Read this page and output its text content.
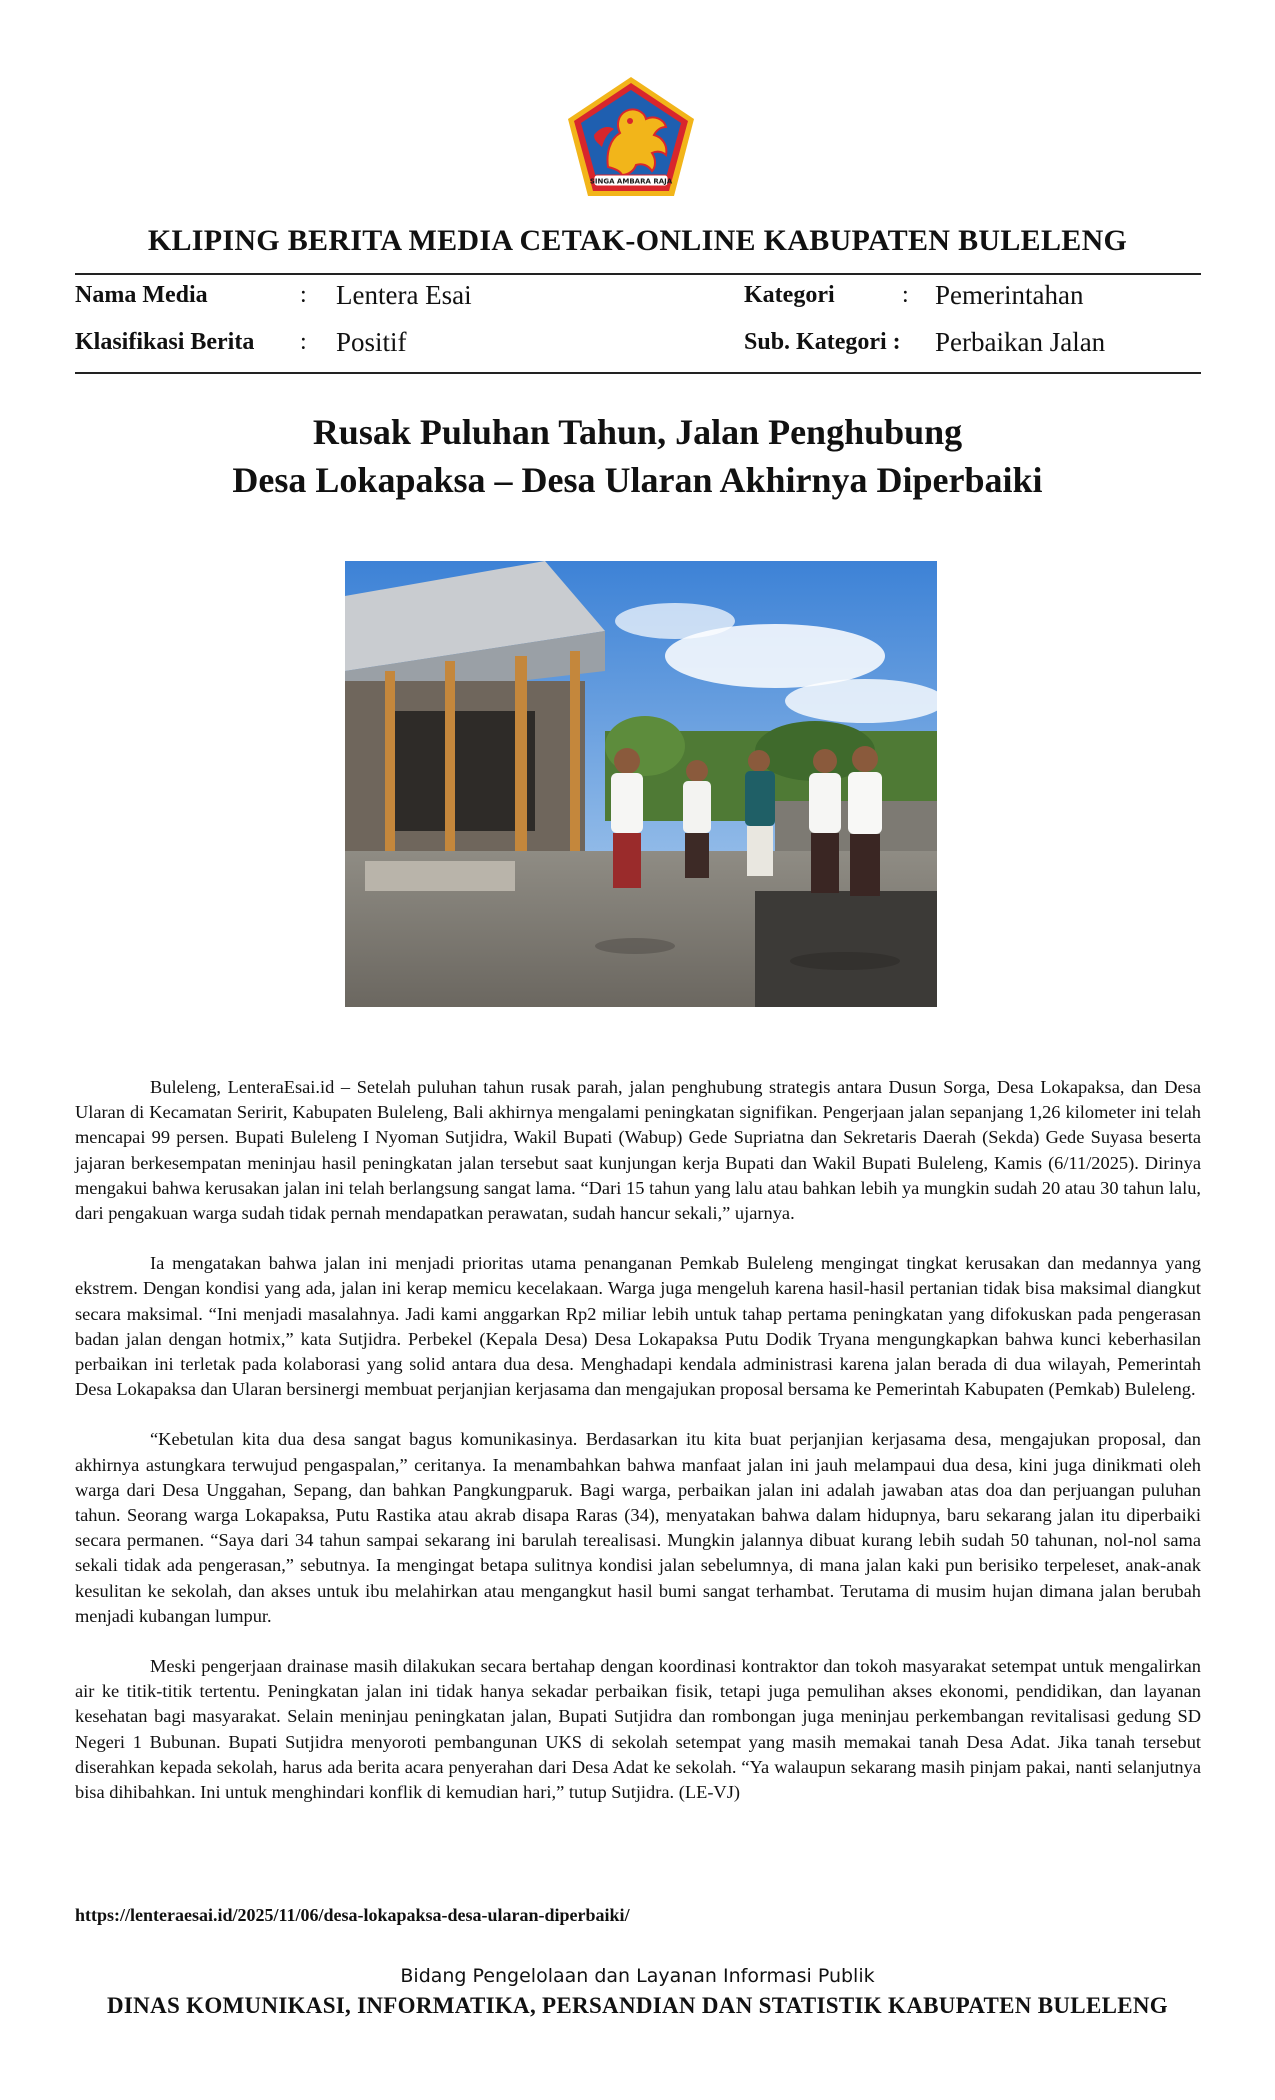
SINGA AMBARA RAJA
KLIPING BERITA MEDIA CETAK-ONLINE KABUPATEN BULELENG
Nama Media	: Lentera Esai	Kategori	: Pemerintahan
Klasifikasi Berita : Positif	Sub. Kategori : Perbaikan Jalan
Rusak Puluhan Tahun, Jalan Penghubung
Desa Lokapaksa – Desa Ularan Akhirnya Diperbaiki

Buleleng, LenteraEsai.id – Setelah puluhan tahun rusak parah, jalan penghubung strategis antara Dusun Sorga, Desa Lokapaksa, dan Desa Ularan di Kecamatan Seririt, Kabupaten Buleleng, Bali akhirnya mengalami peningkatan signifikan. Pengerjaan jalan sepanjang 1,26 kilometer ini telah mencapai 99 persen. Bupati Buleleng I Nyoman Sutjidra, Wakil Bupati (Wabup) Gede Supriatna dan Sekretaris Daerah (Sekda) Gede Suyasa beserta jajaran berkesempatan meninjau hasil peningkatan jalan tersebut saat kunjungan kerja Bupati dan Wakil Bupati Buleleng, Kamis (6/11/2025). Dirinya mengakui bahwa kerusakan jalan ini telah berlangsung sangat lama. “Dari 15 tahun yang lalu atau bahkan lebih ya mungkin sudah 20 atau 30 tahun lalu, dari pengakuan warga sudah tidak pernah mendapatkan perawatan, sudah hancur sekali,” ujarnya.

Ia mengatakan bahwa jalan ini menjadi prioritas utama penanganan Pemkab Buleleng mengingat tingkat kerusakan dan medannya yang ekstrem. Dengan kondisi yang ada, jalan ini kerap memicu kecelakaan. Warga juga mengeluh karena hasil-hasil pertanian tidak bisa maksimal diangkut secara maksimal. “Ini menjadi masalahnya. Jadi kami anggarkan Rp2 miliar lebih untuk tahap pertama peningkatan yang difokuskan pada pengerasan badan jalan dengan hotmix,” kata Sutjidra. Perbekel (Kepala Desa) Desa Lokapaksa Putu Dodik Tryana mengungkapkan bahwa kunci keberhasilan perbaikan ini terletak pada kolaborasi yang solid antara dua desa. Menghadapi kendala administrasi karena jalan berada di dua wilayah, Pemerintah Desa Lokapaksa dan Ularan bersinergi membuat perjanjian kerjasama dan mengajukan proposal bersama ke Pemerintah Kabupaten (Pemkab) Buleleng.

“Kebetulan kita dua desa sangat bagus komunikasinya. Berdasarkan itu kita buat perjanjian kerjasama desa, mengajukan proposal, dan akhirnya astungkara terwujud pengaspalan,” ceritanya. Ia menambahkan bahwa manfaat jalan ini jauh melampaui dua desa, kini juga dinikmati oleh warga dari Desa Unggahan, Sepang, dan bahkan Pangkungparuk. Bagi warga, perbaikan jalan ini adalah jawaban atas doa dan perjuangan puluhan tahun. Seorang warga Lokapaksa, Putu Rastika atau akrab disapa Raras (34), menyatakan bahwa dalam hidupnya, baru sekarang jalan itu diperbaiki secara permanen. “Saya dari 34 tahun sampai sekarang ini barulah terealisasi. Mungkin jalannya dibuat kurang lebih sudah 50 tahunan, nol-nol sama sekali tidak ada pengerasan,” sebutnya. Ia mengingat betapa sulitnya kondisi jalan sebelumnya, di mana jalan kaki pun berisiko terpeleset, anak-anak kesulitan ke sekolah, dan akses untuk ibu melahirkan atau mengangkut hasil bumi sangat terhambat. Terutama di musim hujan dimana jalan berubah menjadi kubangan lumpur.

Meski pengerjaan drainase masih dilakukan secara bertahap dengan koordinasi kontraktor dan tokoh masyarakat setempat untuk mengalirkan air ke titik-titik tertentu. Peningkatan jalan ini tidak hanya sekadar perbaikan fisik, tetapi juga pemulihan akses ekonomi, pendidikan, dan layanan kesehatan bagi masyarakat. Selain meninjau peningkatan jalan, Bupati Sutjidra dan rombongan juga meninjau perkembangan revitalisasi gedung SD Negeri 1 Bubunan. Bupati Sutjidra menyoroti pembangunan UKS di sekolah setempat yang masih memakai tanah Desa Adat. Jika tanah tersebut diserahkan kepada sekolah, harus ada berita acara penyerahan dari Desa Adat ke sekolah. “Ya walaupun sekarang masih pinjam pakai, nanti selanjutnya bisa dihibahkan. Ini untuk menghindari konflik di kemudian hari,” tutup Sutjidra. (LE-VJ)

https://lenteraesai.id/2025/11/06/desa-lokapaksa-desa-ularan-diperbaiki/
Bidang Pengelolaan dan Layanan Informasi Publik
DINAS KOMUNIKASI, INFORMATIKA, PERSANDIAN DAN STATISTIK KABUPATEN BULELENG
